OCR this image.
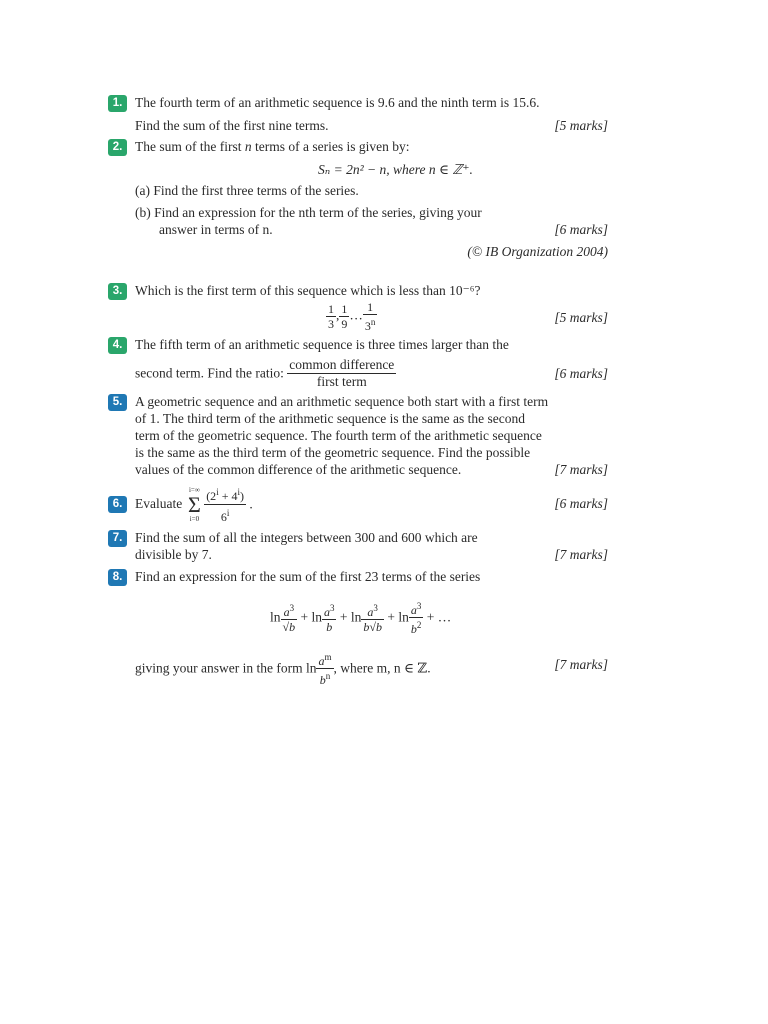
1. The fourth term of an arithmetic sequence is 9.6 and the ninth term is 15.6.
Find the sum of the first nine terms.	[5 marks]
2. The sum of the first n terms of a series is given by:
Sₙ = 2n² − n, where n ∈ ℤ⁺.
(a) Find the first three terms of the series.
(b) Find an expression for the nth term of the series, giving your
answer in terms of n.	[6 marks]
(© IB Organization 2004)
3. Which is the first term of this sequence which is less than 10⁻⁶?
$\frac{1}{3}$ , $\frac{1}{9}$ … $\frac{1}{3^n}$	[5 marks]
4. The fifth term of an arithmetic sequence is three times larger than the
second term. Find the ratio: $\frac{\text{common difference}}{\text{first term}}$	[6 marks]
5. A geometric sequence and an arithmetic sequence both start with a first term
of 1. The third term of the arithmetic sequence is the same as the second
term of the geometric sequence. The fourth term of the arithmetic sequence
is the same as the third term of the geometric sequence. Find the possible
values of the common difference of the arithmetic sequence.	[7 marks]
6. Evaluate
i=∞
Σ
i=0
$\frac{(2^i + 4^i)}{6^i}$ .	[6 marks]
7. Find the sum of all the integers between 300 and 600 which are
divisible by 7.	[7 marks]
8. Find an expression for the sum of the first 23 terms of the series
$\ln \frac{a^3}{√b} + \ln \frac{a^3}{b} + \ln \frac{a^3}{b√b} + \ln \frac{a^3}{b^2}$ + …
giving your answer in the form $\ln \frac{a^m}{b^n}$ , where m, n ∈ ℤ.	[7 marks]
